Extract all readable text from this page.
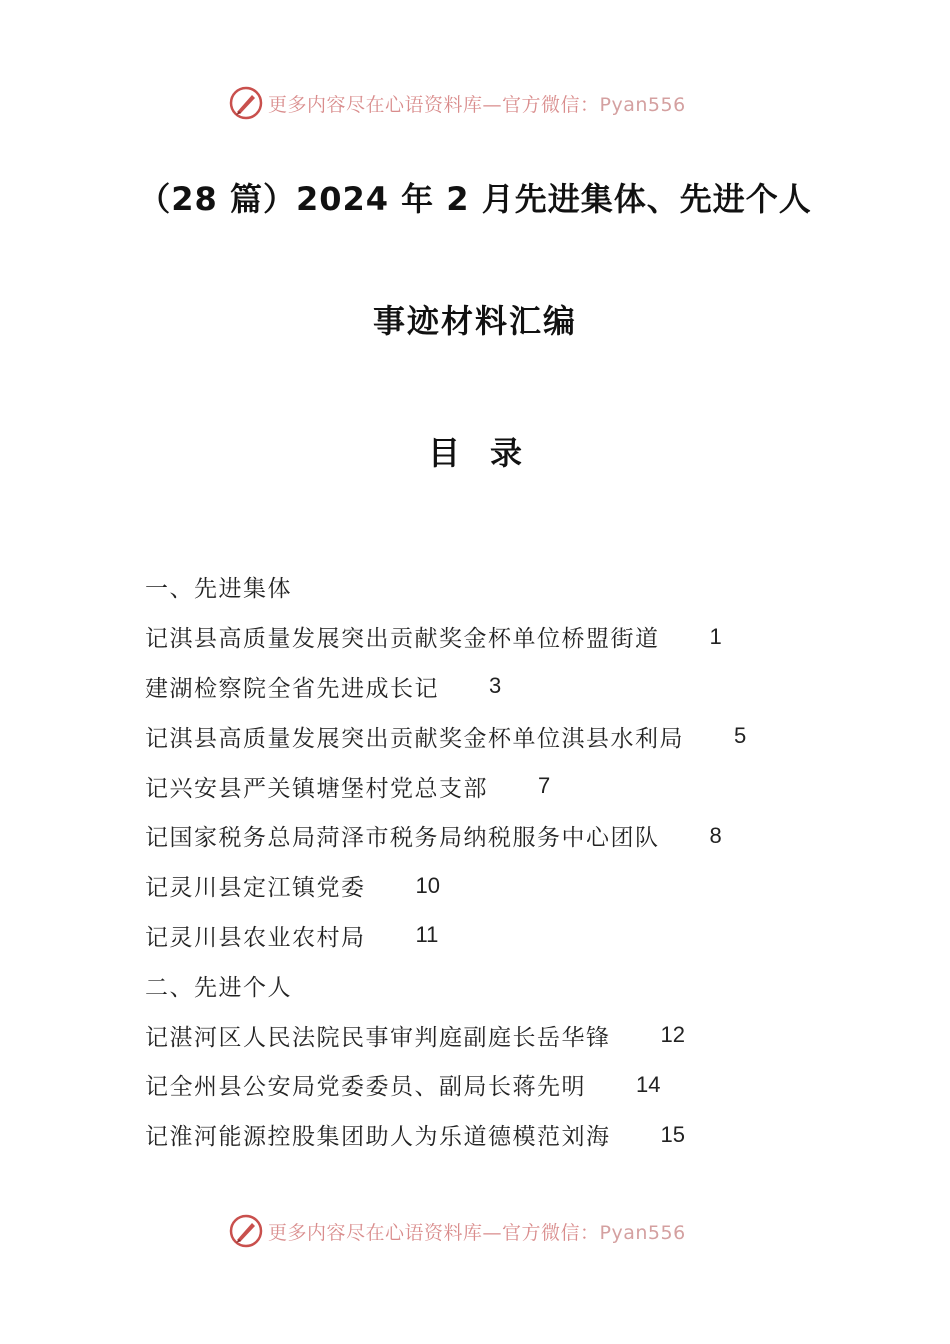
更多内容尽在心语资料库—官方微信：Pyan556
（28 篇）2024 年 2 月先进集体、先进个人
事迹材料汇编
目录
一、先进集体
记淇县高质量发展突出贡献奖金杯单位桥盟街道 1
建湖检察院全省先进成长记 3
记淇县高质量发展突出贡献奖金杯单位淇县水利局 5
记兴安县严关镇塘堡村党总支部 7
记国家税务总局菏泽市税务局纳税服务中心团队 8
记灵川县定江镇党委 10
记灵川县农业农村局 11
二、先进个人
记湛河区人民法院民事审判庭副庭长岳华锋 12
记全州县公安局党委委员、副局长蒋先明 14
记淮河能源控股集团助人为乐道德模范刘海 15
更多内容尽在心语资料库—官方微信：Pyan556
